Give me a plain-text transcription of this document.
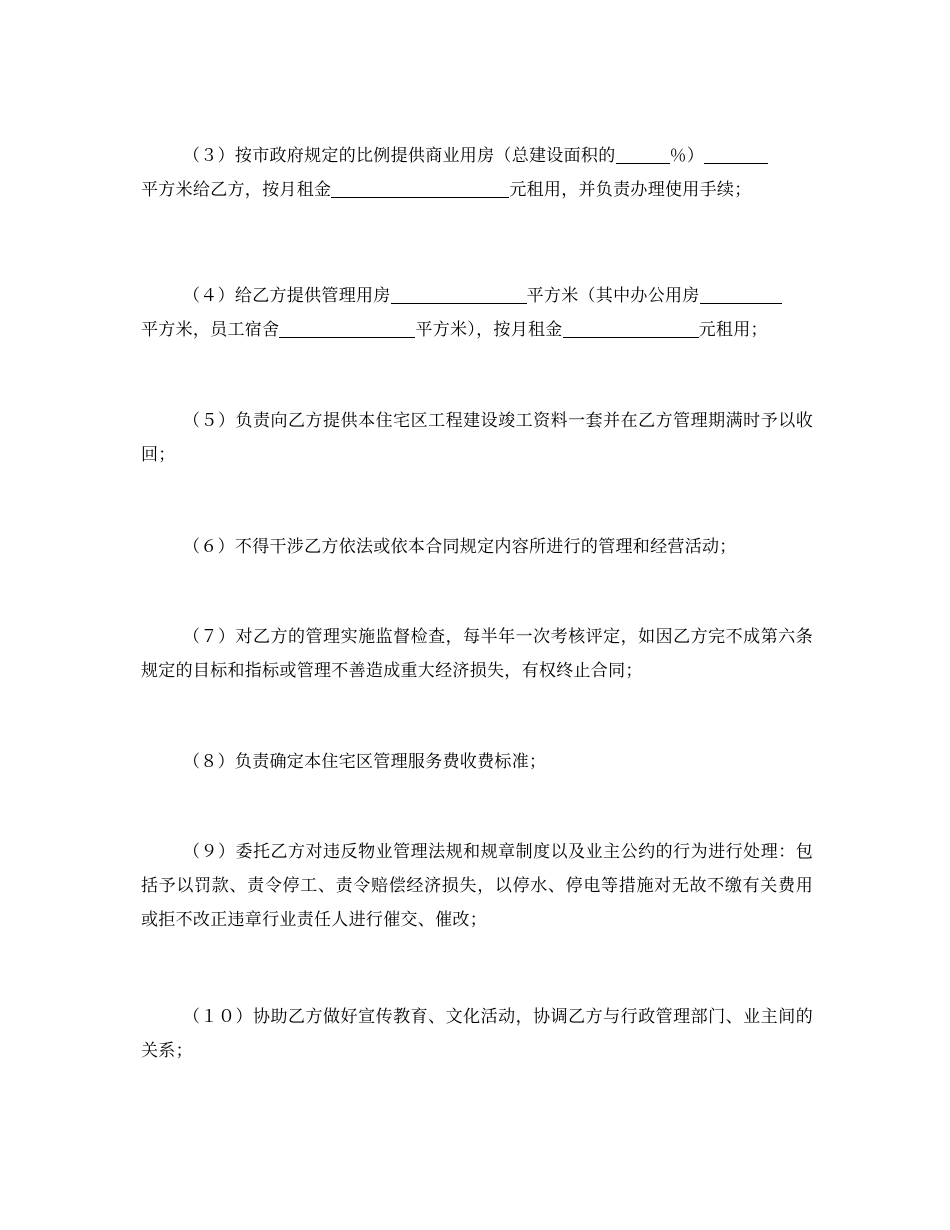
（３）按市政府规定的比例提供商业用房（总建设面积的	％）
平方米给乙方，按月租金	元租用，并负责办理使用手续；

（４）给乙方提供管理用房	平方米（其中办公用房
平方米，员工宿舍	平方米），按月租金	元租用；

（５）负责向乙方提供本住宅区工程建设竣工资料一套并在乙方管理期满时予以收回；

（６）不得干涉乙方依法或依本合同规定内容所进行的管理和经营活动；

（７）对乙方的管理实施监督检查，每半年一次考核评定，如因乙方完不成第六条规定的目标和指标或管理不善造成重大经济损失，有权终止合同；

（８）负责确定本住宅区管理服务费收费标准；

（９）委托乙方对违反物业管理法规和规章制度以及业主公约的行为进行处理：包括予以罚款、责令停工、责令赔偿经济损失，以停水、停电等措施对无故不缴有关费用或拒不改正违章行业责任人进行催交、催改；

（１０）协助乙方做好宣传教育、文化活动，协调乙方与行政管理部门、业主间的关系；
